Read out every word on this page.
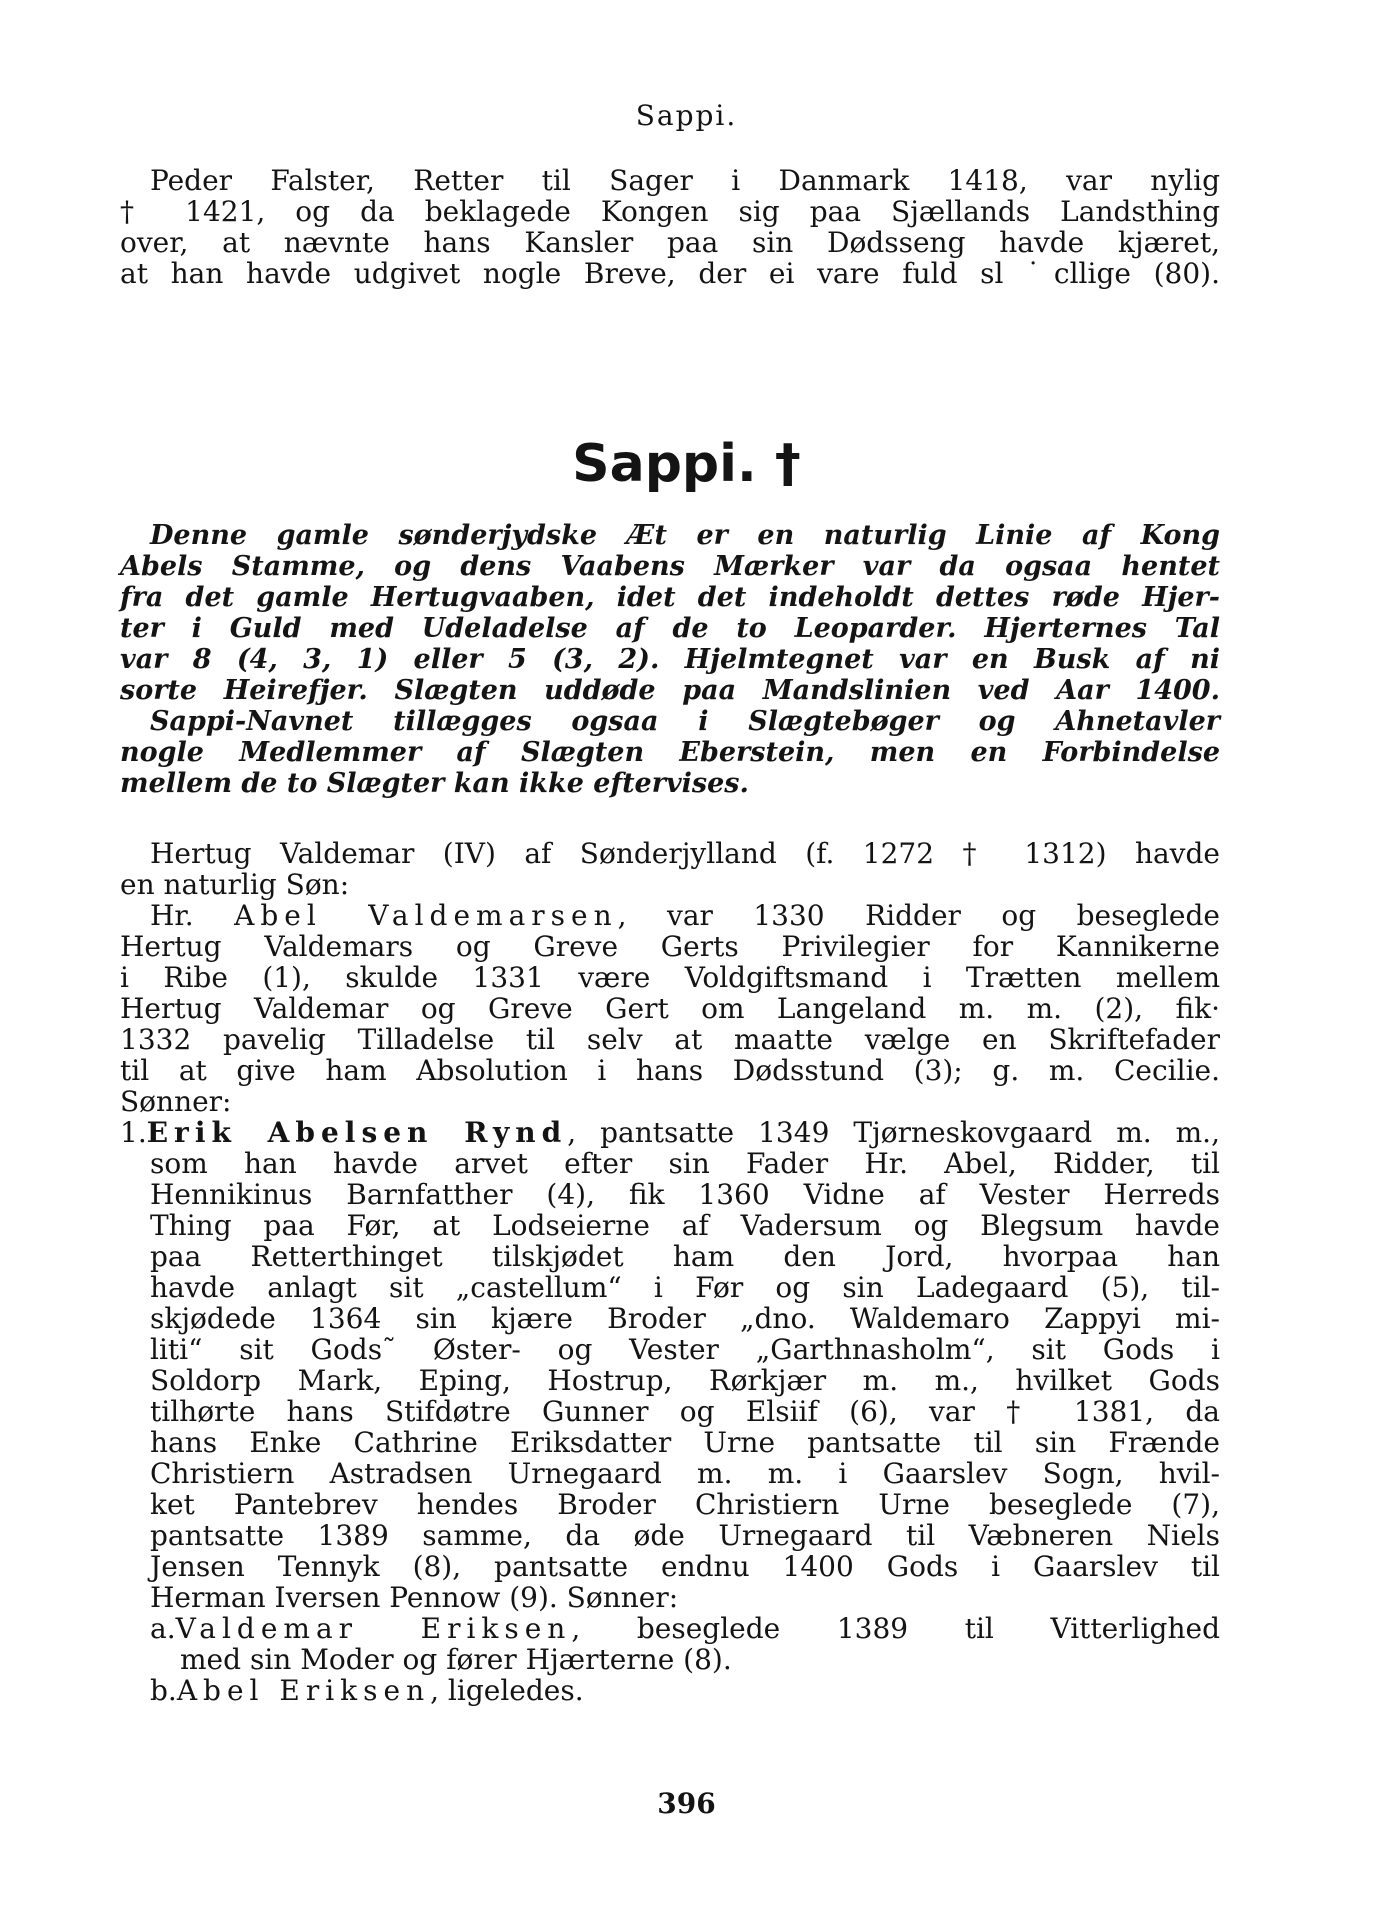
Sappi.
Peder Falster, Retter til Sager i Danmark 1418, var nylig
† 1421, og da beklagede Kongen sig paa Sjællands Landsthing
over, at nævnte hans Kansler paa sin Dødsseng havde kjæret,
at han havde udgivet nogle Breve, der ei vare fuld sl ˙cllige (80).
Sappi. †
Denne gamle sønderjydske Æt er en naturlig Linie af Kong
Abels Stamme, og dens Vaabens Mærker var da ogsaa hentet
fra det gamle Hertugvaaben, idet det indeholdt dettes røde Hjer-
ter i Guld med Udeladelse af de to Leoparder. Hjerternes Tal
var 8 (4, 3, 1) eller 5 (3, 2). Hjelmtegnet var en Busk af ni
sorte Heirefjer. Slægten uddøde paa Mandslinien ved Aar 1400.
Sappi-Navnet tillægges ogsaa i Slægtebøger og Ahnetavler
nogle Medlemmer af Slægten Eberstein, men en Forbindelse
mellem de to Slægter kan ikke eftervises.
Hertug Valdemar (IV) af Sønderjylland (f. 1272 † 1312) havde
en naturlig Søn:
Hr. Abel Valdemarsen, var 1330 Ridder og beseglede
Hertug Valdemars og Greve Gerts Privilegier for Kannikerne
i Ribe (1), skulde 1331 være Voldgiftsmand i Trætten mellem
Hertug Valdemar og Greve Gert om Langeland m. m. (2), fik·
1332 pavelig Tilladelse til selv at maatte vælge en Skriftefader
til at give ham Absolution i hans Dødsstund (3); g. m. Cecilie.
Sønner:
1.Erik Abelsen Rynd, pantsatte 1349 Tjørneskovgaard m. m.,
som han havde arvet efter sin Fader Hr. Abel, Ridder, til
Hennikinus Barnfatther (4), fik 1360 Vidne af Vester Herreds
Thing paa Før, at Lodseierne af Vadersum og Blegsum havde
paa Retterthinget tilskjødet ham den Jord, hvorpaa han
havde anlagt sit „castellum“ i Før og sin Ladegaard (5), til-
skjødede 1364 sin kjære Broder „dno. Waldemaro Zappyi mi-
liti“ sit Gods˜ Øster- og Vester „Garthnasholm“, sit Gods i
Soldorp Mark, Eping, Hostrup, Rørkjær m. m., hvilket Gods
tilhørte hans Stifdøtre Gunner og Elsiif (6), var † 1381, da
hans Enke Cathrine Eriksdatter Urne pantsatte til sin Frænde
Christiern Astradsen Urnegaard m. m. i Gaarslev Sogn, hvil-
ket Pantebrev hendes Broder Christiern Urne beseglede (7),
pantsatte 1389 samme, da øde Urnegaard til Væbneren Niels
Jensen Tennyk (8), pantsatte endnu 1400 Gods i Gaarslev til
Herman Iversen Pennow (9). Sønner:
a.Valdemar Eriksen, beseglede 1389 til Vitterlighed
med sin Moder og fører Hjærterne (8).
b.Abel Eriksen, ligeledes.
396
